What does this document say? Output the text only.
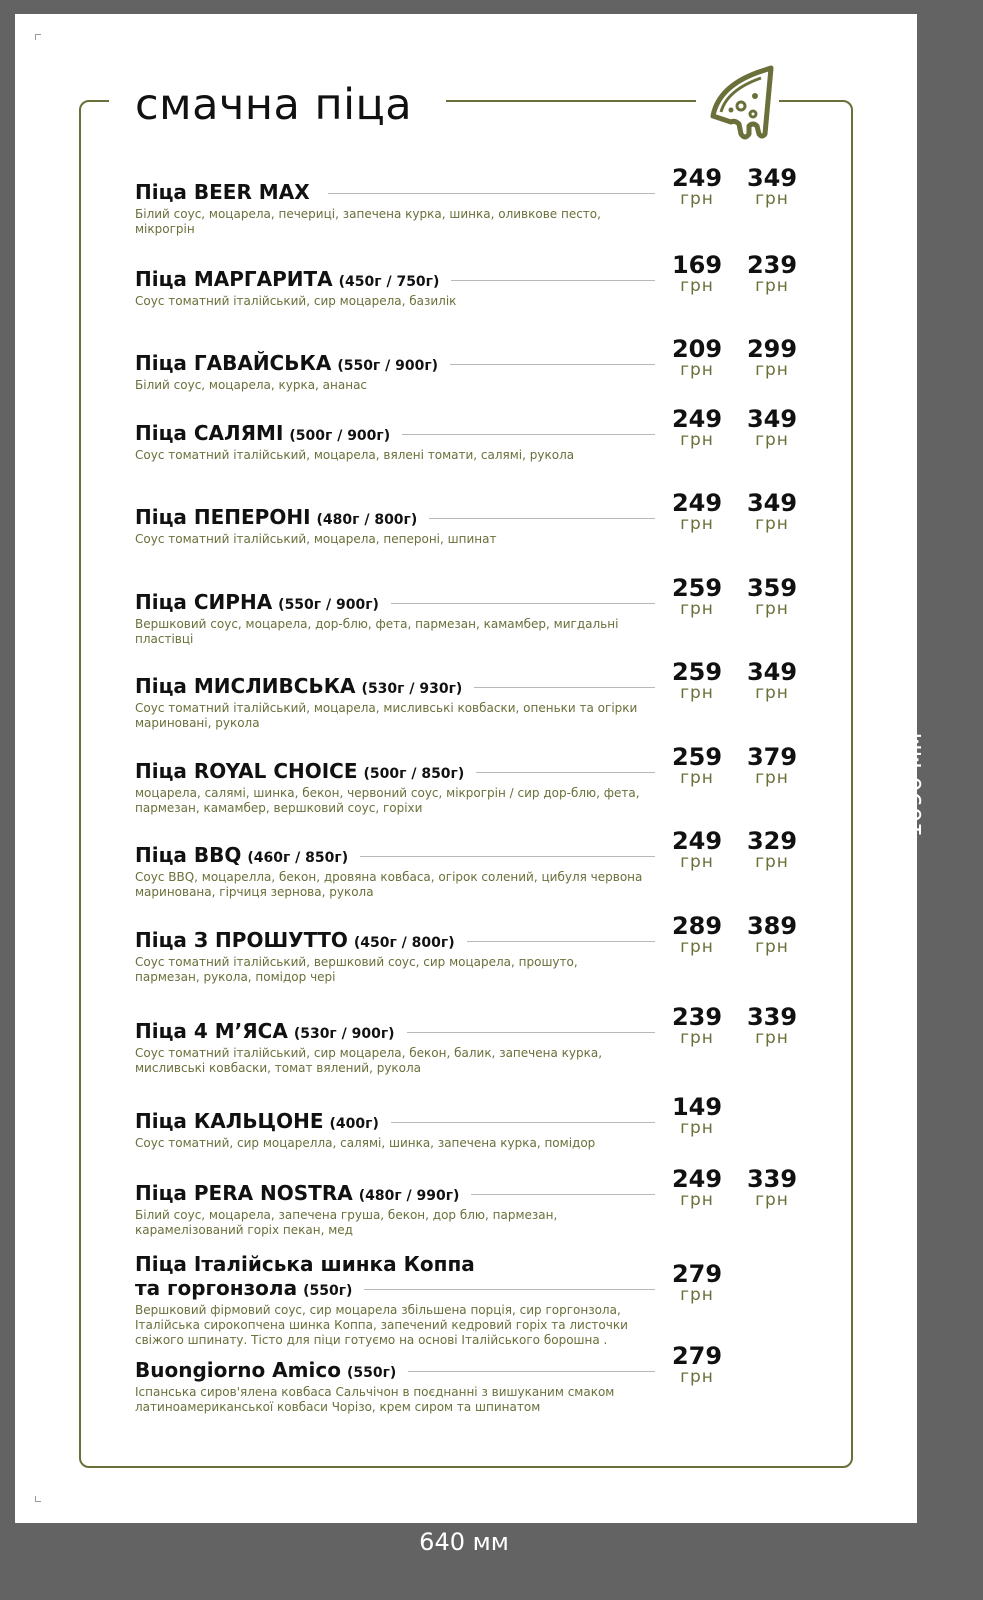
смачна піца
Піца BEER MAX
Білий соус, моцарела, печериці, запечена курка, шинка, оливкове песто, мікрогрін
249
грн
349
грн
Піца МАРГАРИТА (450г / 750г)
Соус томатний італійський, сир моцарела, базилік
169
грн
239
грн
Піца ГАВАЙСЬКА (550г / 900г)
Білий соус, моцарела, курка, ананас
209
грн
299
грн
Піца САЛЯМІ (500г / 900г)
Соус томатний італійський, моцарела, вялені томати, салямі, рукола
249
грн
349
грн
Піца ПЕПЕРОНІ (480г / 800г)
Соус томатний італійський, моцарела, пепероні, шпинат
249
грн
349
грн
Піца СИРНА (550г / 900г)
Вершковий соус, моцарела, дор-блю, фета, пармезан, камамбер, мигдальні пластівці
259
грн
359
грн
Піца МИСЛИВСЬКА (530г / 930г)
Соус томатний італійський, моцарела, мисливські ковбаски, опеньки та огірки мариновані, рукола
259
грн
349
грн
Піца ROYAL CHOICE (500г / 850г)
моцарела, салямі, шинка, бекон, червоний соус, мікрогрін / сир дор-блю, фета, пармезан, камамбер, вершковий соус, горіхи
259
грн
379
грн
Піца BBQ (460г / 850г)
Соус BBQ, моцарелла, бекон, дровяна ковбаса, огірок солений, цибуля червона маринована, гірчиця зернова, рукола
249
грн
329
грн
Піца З ПРОШУТТО (450г / 800г)
Соус томатний італійський, вершковий соус, сир моцарела, прошуто, пармезан, рукола, помідор чері
289
грн
389
грн
Піца 4 М’ЯСА (530г / 900г)
Соус томатний італійський, сир моцарела, бекон, балик, запечена курка, мисливські ковбаски, томат вялений, рукола
239
грн
339
грн
Піца КАЛЬЦОНЕ (400г)
Соус томатний, сир моцарелла, салямі, шинка, запечена курка, помідор
149
грн
Піца PERA NOSTRA (480г / 990г)
Білий соус, моцарела, запечена груша, бекон, дор блю, пармезан, карамелізований горіх пекан, мед
249
грн
339
грн
Піца Італійська шинка Коппа
та горгонзола (550г)
Вершковий фірмовий соус, сир моцарела збільшена порція, сир горгонзола, Італійська сирокопчена шинка Коппа, запечений кедровий горіх та листочки свіжого шпинату. Тісто для піци готуємо на основі Італійського борошна .
279
грн
Buongiorno Amico (550г)
Іспанська сиров'ялена ковбаса Сальчічон в поєднанні з вишуканим смаком латиноамериканської ковбаси Чорізо, крем сиром та шпинатом
279
грн
1090 мм
640 мм
